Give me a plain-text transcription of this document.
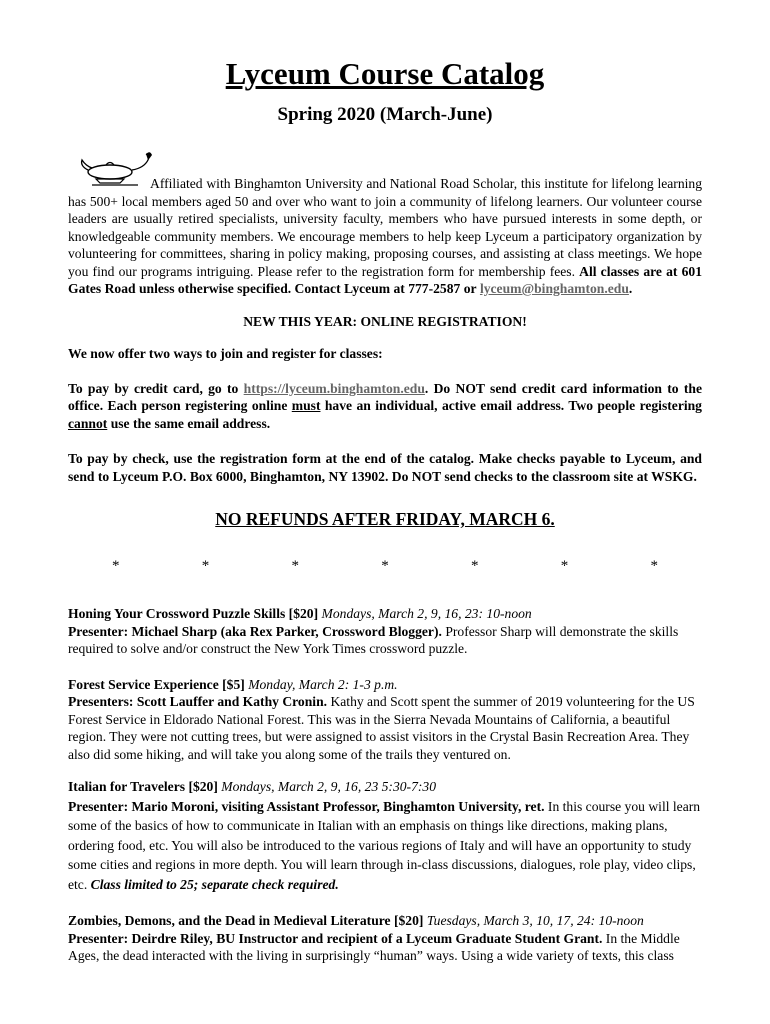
Lyceum Course Catalog
Spring 2020 (March-June)

Affiliated with Binghamton University and National Road Scholar, this institute for lifelong learning has 500+ local members aged 50 and over who want to join a community of lifelong learners. Our volunteer course leaders are usually retired specialists, university faculty, members who have pursued interests in some depth, or knowledgeable community members. We encourage members to help keep Lyceum a participatory organization by volunteering for committees, sharing in policy making, proposing courses, and assisting at class meetings. We hope you find our programs intriguing. Please refer to the registration form for membership fees. All classes are at 601 Gates Road unless otherwise specified. Contact Lyceum at 777-2587 or lyceum@binghamton.edu.

NEW THIS YEAR: ONLINE REGISTRATION!

We now offer two ways to join and register for classes:

To pay by credit card, go to https://lyceum.binghamton.edu. Do NOT send credit card information to the office. Each person registering online must have an individual, active email address. Two people registering cannot use the same email address.

To pay by check, use the registration form at the end of the catalog. Make checks payable to Lyceum, and send to Lyceum P.O. Box 6000, Binghamton, NY 13902. Do NOT send checks to the classroom site at WSKG.

NO REFUNDS AFTER FRIDAY, MARCH 6.

*	*	*	*	*	*	*
Honing Your Crossword Puzzle Skills [$20] Mondays, March 2, 9, 16, 23: 10-noon
Presenter: Michael Sharp (aka Rex Parker, Crossword Blogger). Professor Sharp will demonstrate the skills required to solve and/or construct the New York Times crossword puzzle.
Forest Service Experience [$5] Monday, March 2: 1-3 p.m.
Presenters: Scott Lauffer and Kathy Cronin. Kathy and Scott spent the summer of 2019 volunteering for the US Forest Service in Eldorado National Forest. This was in the Sierra Nevada Mountains of California, a beautiful region. They were not cutting trees, but were assigned to assist visitors in the Crystal Basin Recreation Area. They also did some hiking, and will take you along some of the trails they ventured on.
Italian for Travelers [$20] Mondays, March 2, 9, 16, 23 5:30-7:30
Presenter: Mario Moroni, visiting Assistant Professor, Binghamton University, ret. In this course you will learn some of the basics of how to communicate in Italian with an emphasis on things like directions, making plans, ordering food, etc. You will also be introduced to the various regions of Italy and will have an opportunity to study some cities and regions in more depth. You will learn through in-class discussions, dialogues, role play, video clips, etc. Class limited to 25; separate check required.
Zombies, Demons, and the Dead in Medieval Literature [$20] Tuesdays, March 3, 10, 17, 24: 10-noon
Presenter: Deirdre Riley, BU Instructor and recipient of a Lyceum Graduate Student Grant. In the Middle Ages, the dead interacted with the living in surprisingly “human” ways. Using a wide variety of texts, this class
